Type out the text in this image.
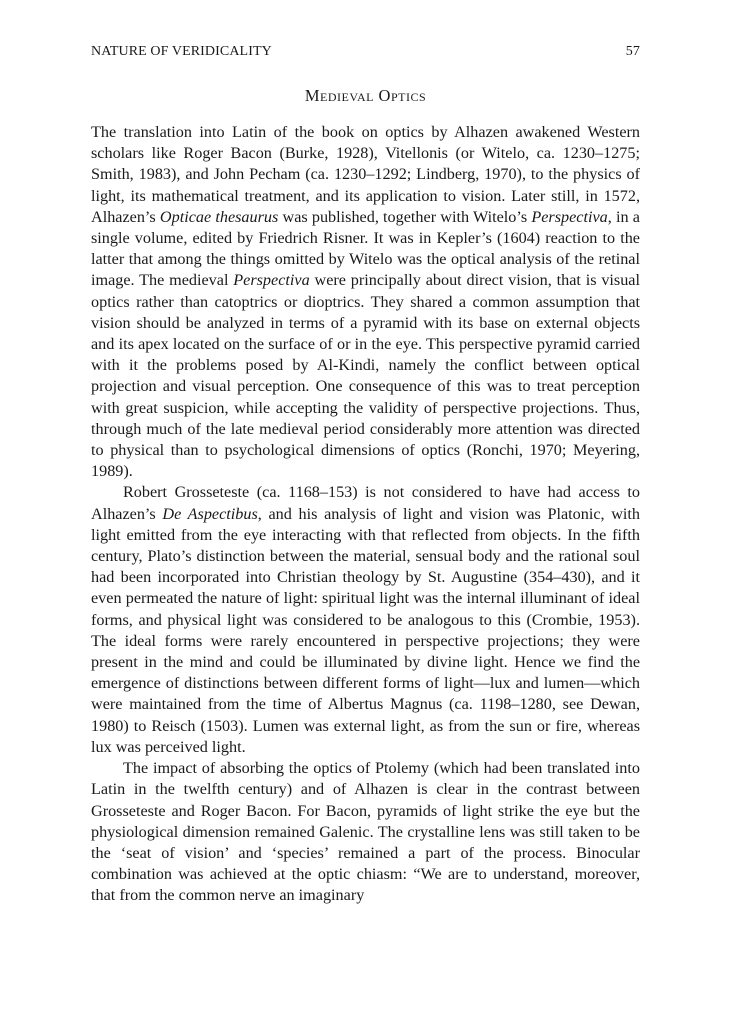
NATURE OF VERIDICALITY	57
Medieval Optics

The translation into Latin of the book on optics by Alhazen awakened Western scholars like Roger Bacon (Burke, 1928), Vitellonis (or Witelo, ca. 1230–1275; Smith, 1983), and John Pecham (ca. 1230–1292; Lindberg, 1970), to the physics of light, its mathematical treatment, and its application to vision. Later still, in 1572, Alhazen’s Opticae thesaurus was published, together with Witelo’s Perspectiva, in a single volume, edited by Friedrich Risner. It was in Kepler’s (1604) reaction to the latter that among the things omitted by Witelo was the optical analysis of the retinal image. The medieval Perspectiva were principally about direct vision, that is visual optics rather than catoptrics or dioptrics. They shared a common assumption that vision should be analyzed in terms of a pyramid with its base on external objects and its apex located on the surface of or in the eye. This perspective pyramid carried with it the problems posed by Al-Kindi, namely the conflict between optical projection and visual perception. One consequence of this was to treat perception with great suspicion, while accepting the validity of perspective projections. Thus, through much of the late medieval period considerably more attention was directed to physical than to psychological dimensions of optics (Ronchi, 1970; Meyering, 1989).

Robert Grosseteste (ca. 1168–153) is not considered to have had access to Alhazen’s De Aspectibus, and his analysis of light and vision was Platonic, with light emitted from the eye interacting with that reflected from objects. In the fifth century, Plato’s distinction between the material, sensual body and the rational soul had been incorporated into Christian theology by St. Augustine (354–430), and it even permeated the nature of light: spiritual light was the internal illuminant of ideal forms, and physical light was considered to be analogous to this (Crombie, 1953). The ideal forms were rarely encountered in perspective projections; they were present in the mind and could be illuminated by divine light. Hence we find the emergence of distinctions between different forms of light—lux and lumen—which were maintained from the time of Albertus Magnus (ca. 1198–1280, see Dewan, 1980) to Reisch (1503). Lumen was external light, as from the sun or fire, whereas lux was perceived light.

The impact of absorbing the optics of Ptolemy (which had been translated into Latin in the twelfth century) and of Alhazen is clear in the contrast between Grosseteste and Roger Bacon. For Bacon, pyramids of light strike the eye but the physiological dimension remained Galenic. The crystalline lens was still taken to be the ‘seat of vision’ and ‘species’ remained a part of the process. Binocular combination was achieved at the optic chiasm: “We are to understand, moreover, that from the common nerve an imaginary
